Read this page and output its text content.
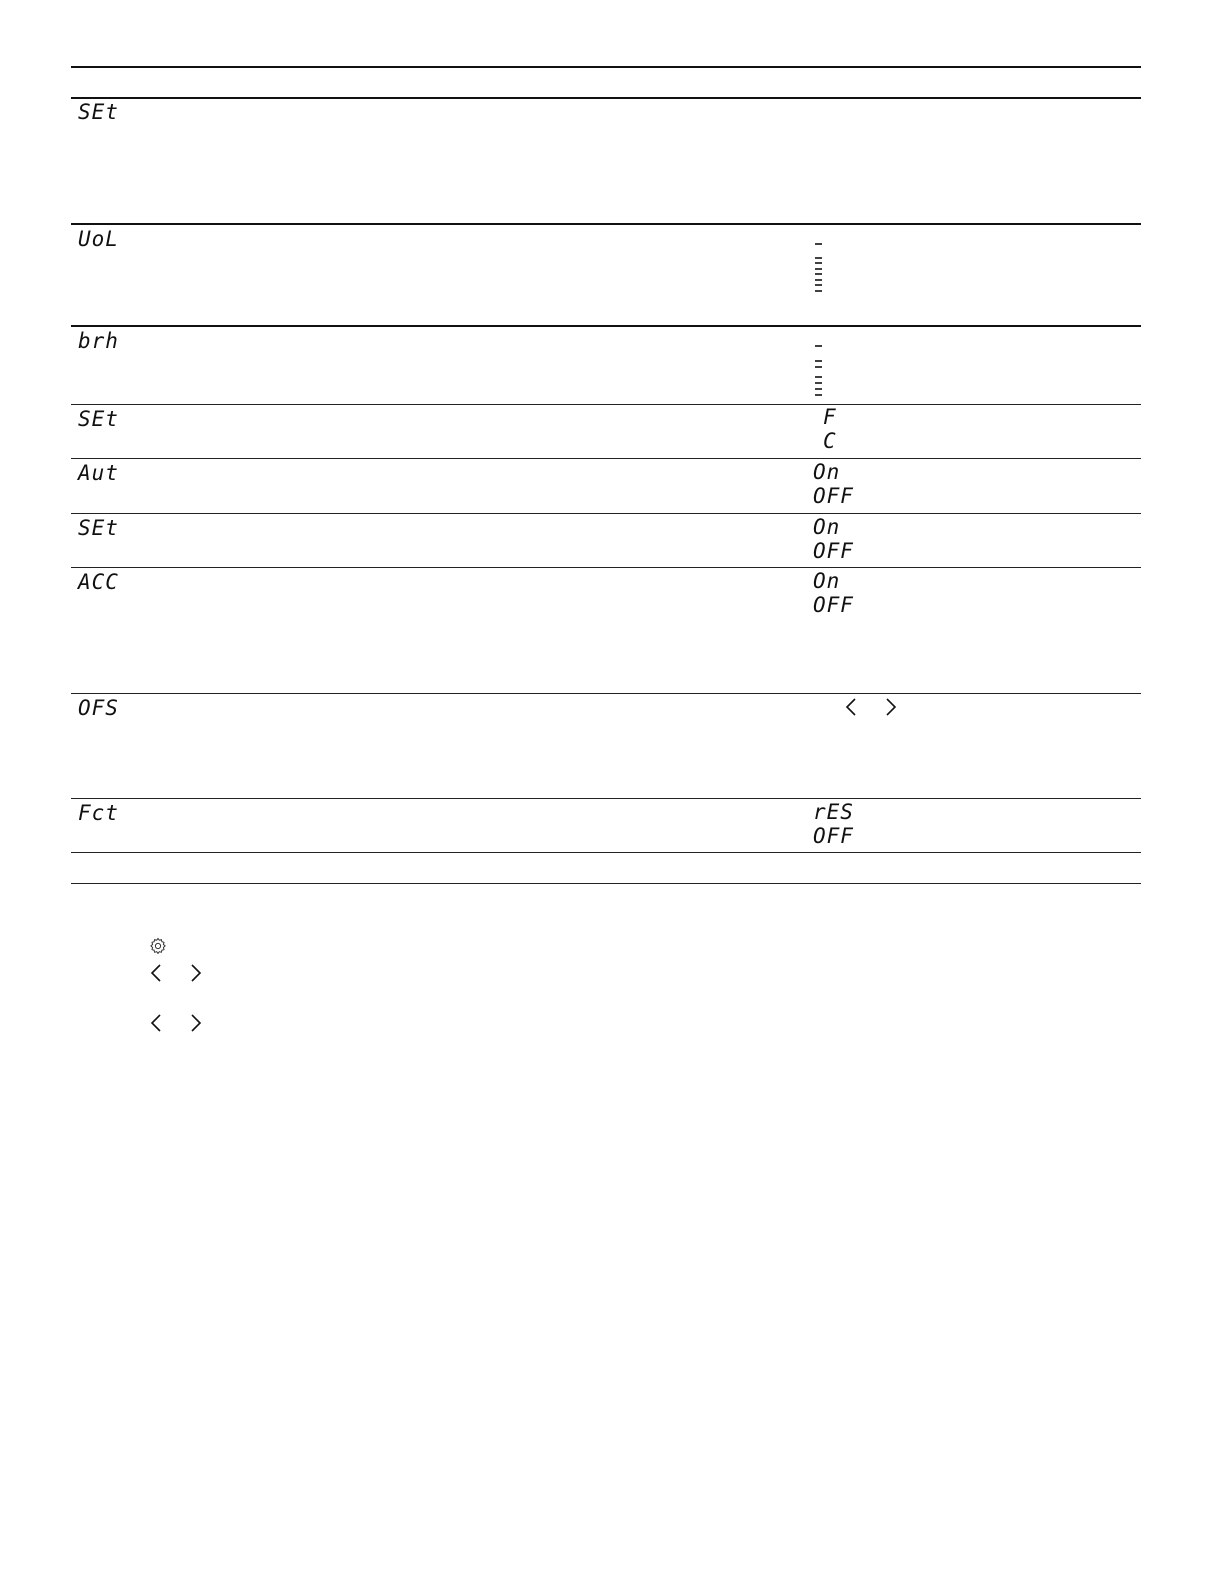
SEt
UoL
brh
SEt	F
C
Aut	On
OFF
SEt	On
OFF
ACC	On
OFF
OFS
Fct	rES
OFF
